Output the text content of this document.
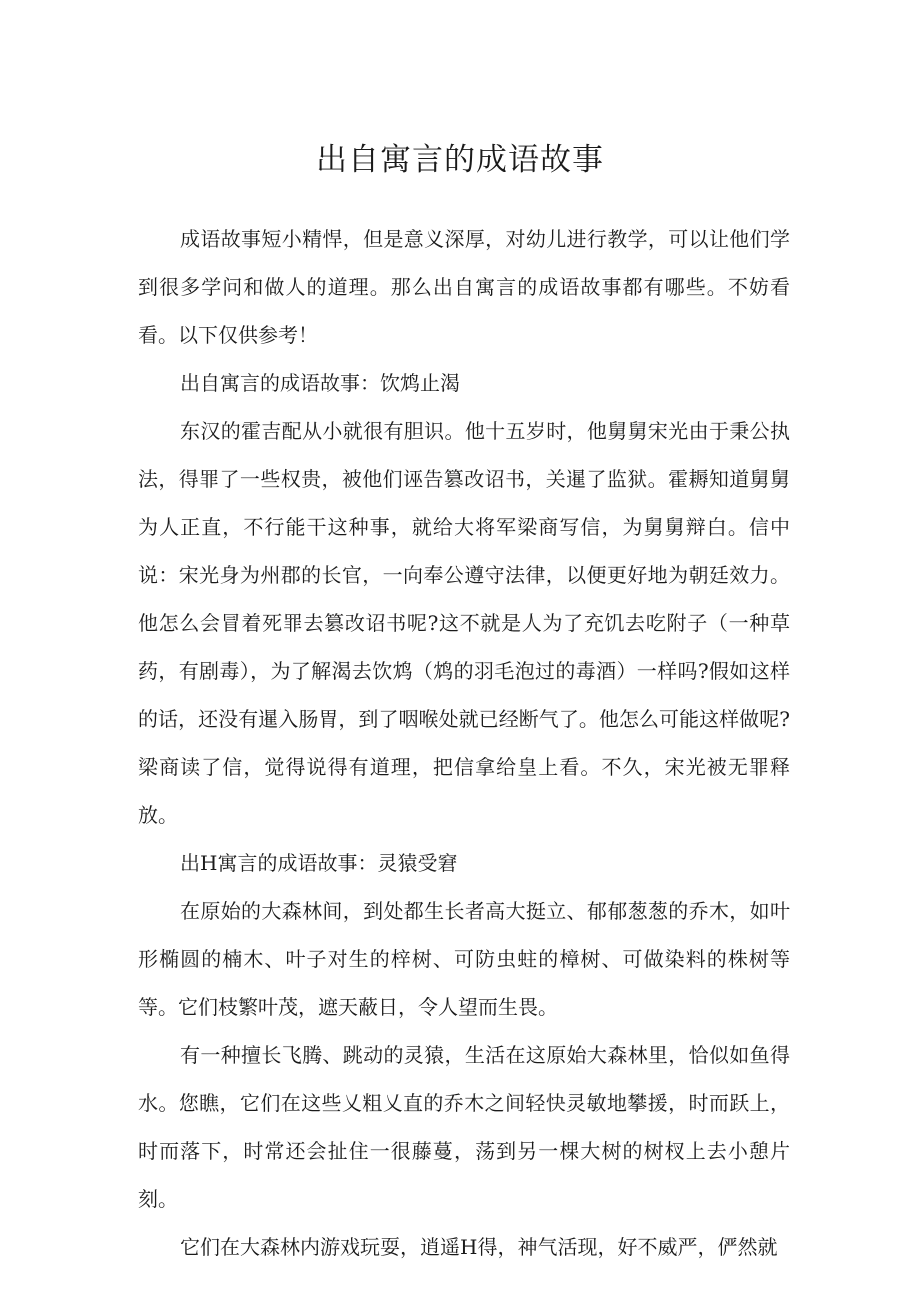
出自寓言的成语故事

成语故事短小精悍，但是意义深厚，对幼儿进行教学，可以让他们学到很多学问和做人的道理。那么出自寓言的成语故事都有哪些。不妨看看。以下仅供参考！

出自寓言的成语故事：饮鸩止渴

东汉的霍吉配从小就很有胆识。他十五岁时，他舅舅宋光由于秉公执法，得罪了一些权贵，被他们诬告篡改诏书，关暹了监狱。霍耨知道舅舅为人正直，不行能干这种事，就给大将军梁商写信，为舅舅辩白。信中说：宋光身为州郡的长官，一向奉公遵守法律，以便更好地为朝廷效力。他怎么会冒着死罪去篡改诏书呢?这不就是人为了充饥去吃附子（一种草药，有剧毒），为了解渴去饮鸩（鸩的羽毛泡过的毒酒）一样吗?假如这样的话，还没有暹入肠胃，到了咽喉处就已经断气了。他怎么可能这样做呢?梁商读了信，觉得说得有道理，把信拿给皇上看。不久，宋光被无罪释放。

出H寓言的成语故事：灵猿受窘

在原始的大森林间，到处都生长者高大挺立、郁郁葱葱的乔木，如叶形椭圆的楠木、叶子对生的梓树、可防虫蛀的樟树、可做染料的株树等等。它们枝繁叶茂，遮天蔽日，令人望而生畏。

有一种擅长飞腾、跳动的灵猿，生活在这原始大森林里，恰似如鱼得水。您瞧，它们在这些乂粗乂直的乔木之间轻快灵敏地攀援，时而跃上，时而落下，时常还会扯住一很藤蔓，荡到另一棵大树的树杈上去小憩片刻。

它们在大森林内游戏玩耍，逍遥H得，神气活现，好不威严，俨然就
